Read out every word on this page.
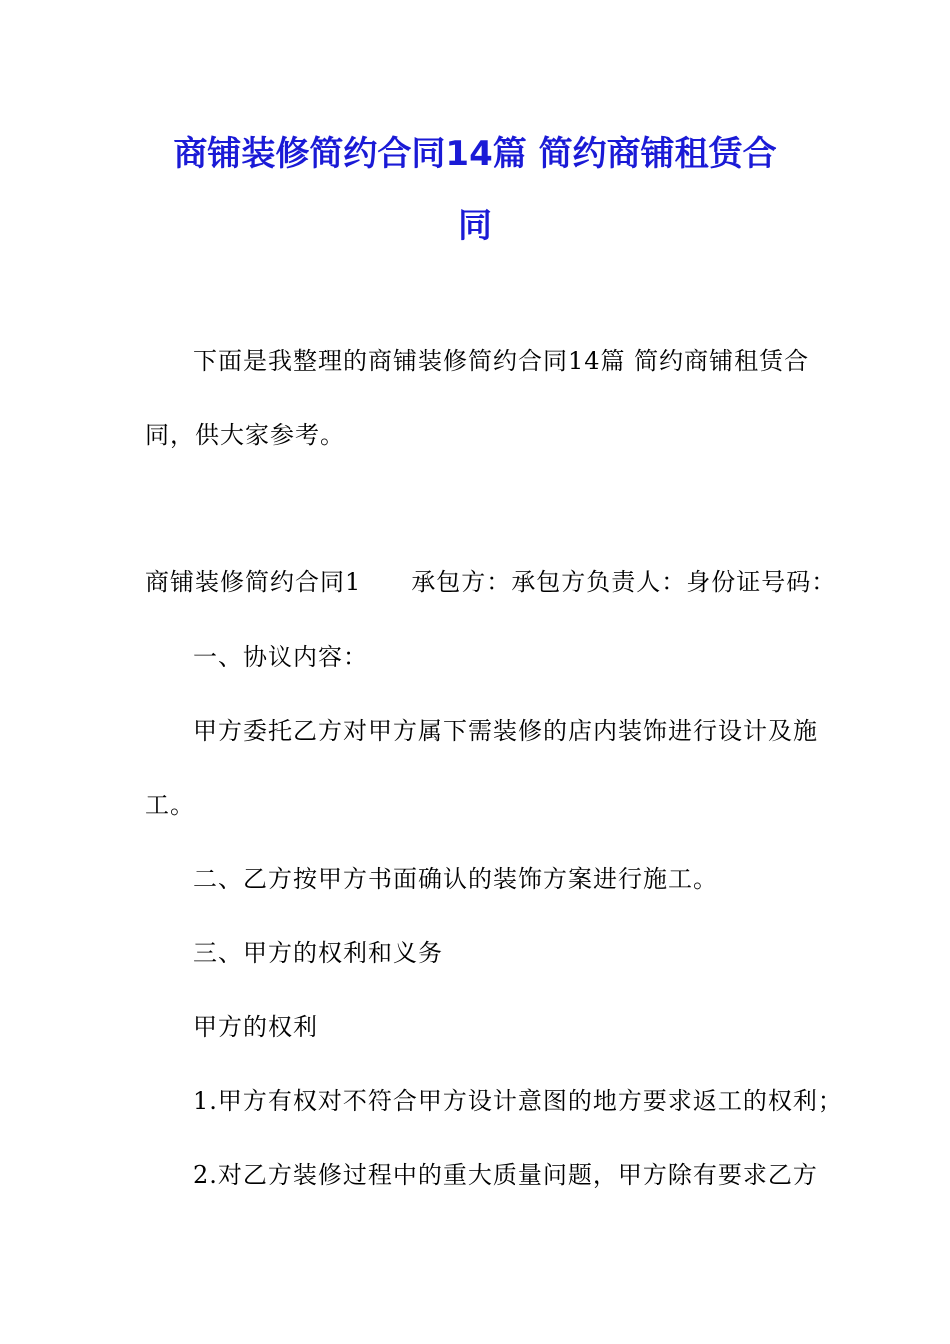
商铺装修简约合同14篇 简约商铺租赁合
同
下面是我整理的商铺装修简约合同14篇 简约商铺租赁合
同，供大家参考。
商铺装修简约合同1 承包方：承包方负责人：身份证号码：
一、协议内容：
甲方委托乙方对甲方属下需装修的店内装饰进行设计及施
工。
二、乙方按甲方书面确认的装饰方案进行施工。
三、甲方的权利和义务
甲方的权利
1.甲方有权对不符合甲方设计意图的地方要求返工的权利；
2.对乙方装修过程中的重大质量问题，甲方除有要求乙方
